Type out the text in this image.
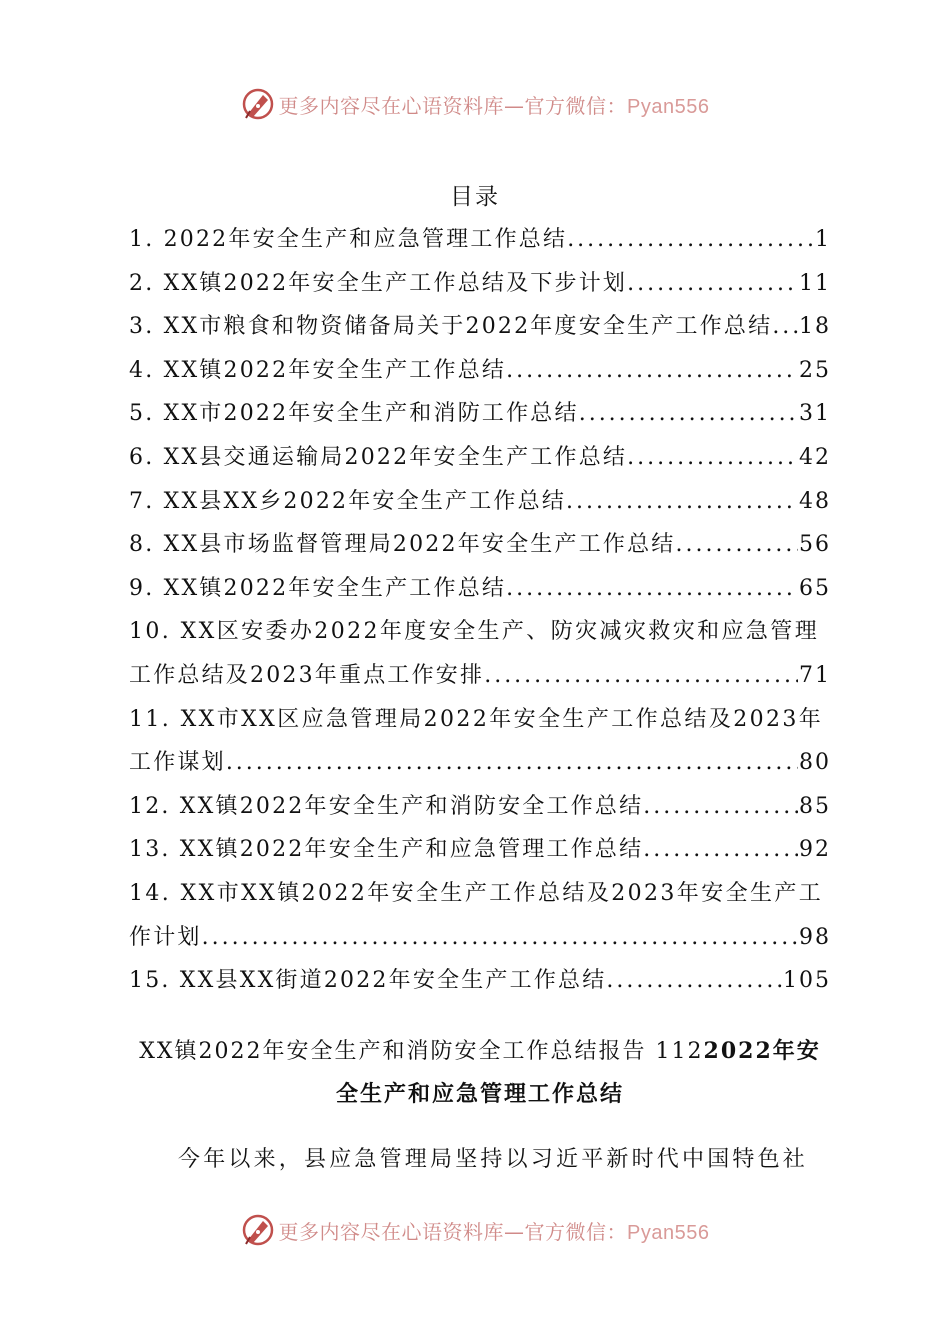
更多内容尽在心语资料库—官方微信：Pyan556
目录
1. 2022年安全生产和应急管理工作总结 .....	1
2. XX镇2022年安全生产工作总结及下步计划 .....	11
3. XX市粮食和物资储备局关于2022年度安全生产工作总结 ..... 18
4. XX镇2022年安全生产工作总结 .....	25
5. XX市2022年安全生产和消防工作总结 .....	31
6. XX县交通运输局2022年安全生产工作总结 .....	42
7. XX县XX乡2022年安全生产工作总结 .....	48
8. XX县市场监督管理局2022年安全生产工作总结 .....	56
9. XX镇2022年安全生产工作总结 .....	65
10. XX区安委办2022年度安全生产、防灾减灾救灾和应急管理
工作总结及2023年重点工作安排 .....	71
11. XX市XX区应急管理局2022年安全生产工作总结及2023年
工作谋划 .....	80
12. XX镇2022年安全生产和消防安全工作总结 .....	85
13. XX镇2022年安全生产和应急管理工作总结 .....	92
14. XX市XX镇2022年安全生产工作总结及2023年安全生产工
作计划 .....	98
15. XX县XX街道2022年安全生产工作总结 .....	105
XX镇2022年安全生产和消防安全工作总结报告 1122022年安
全生产和应急管理工作总结
今年以来，县应急管理局坚持以习近平新时代中国特色社
更多内容尽在心语资料库—官方微信：Pyan556
